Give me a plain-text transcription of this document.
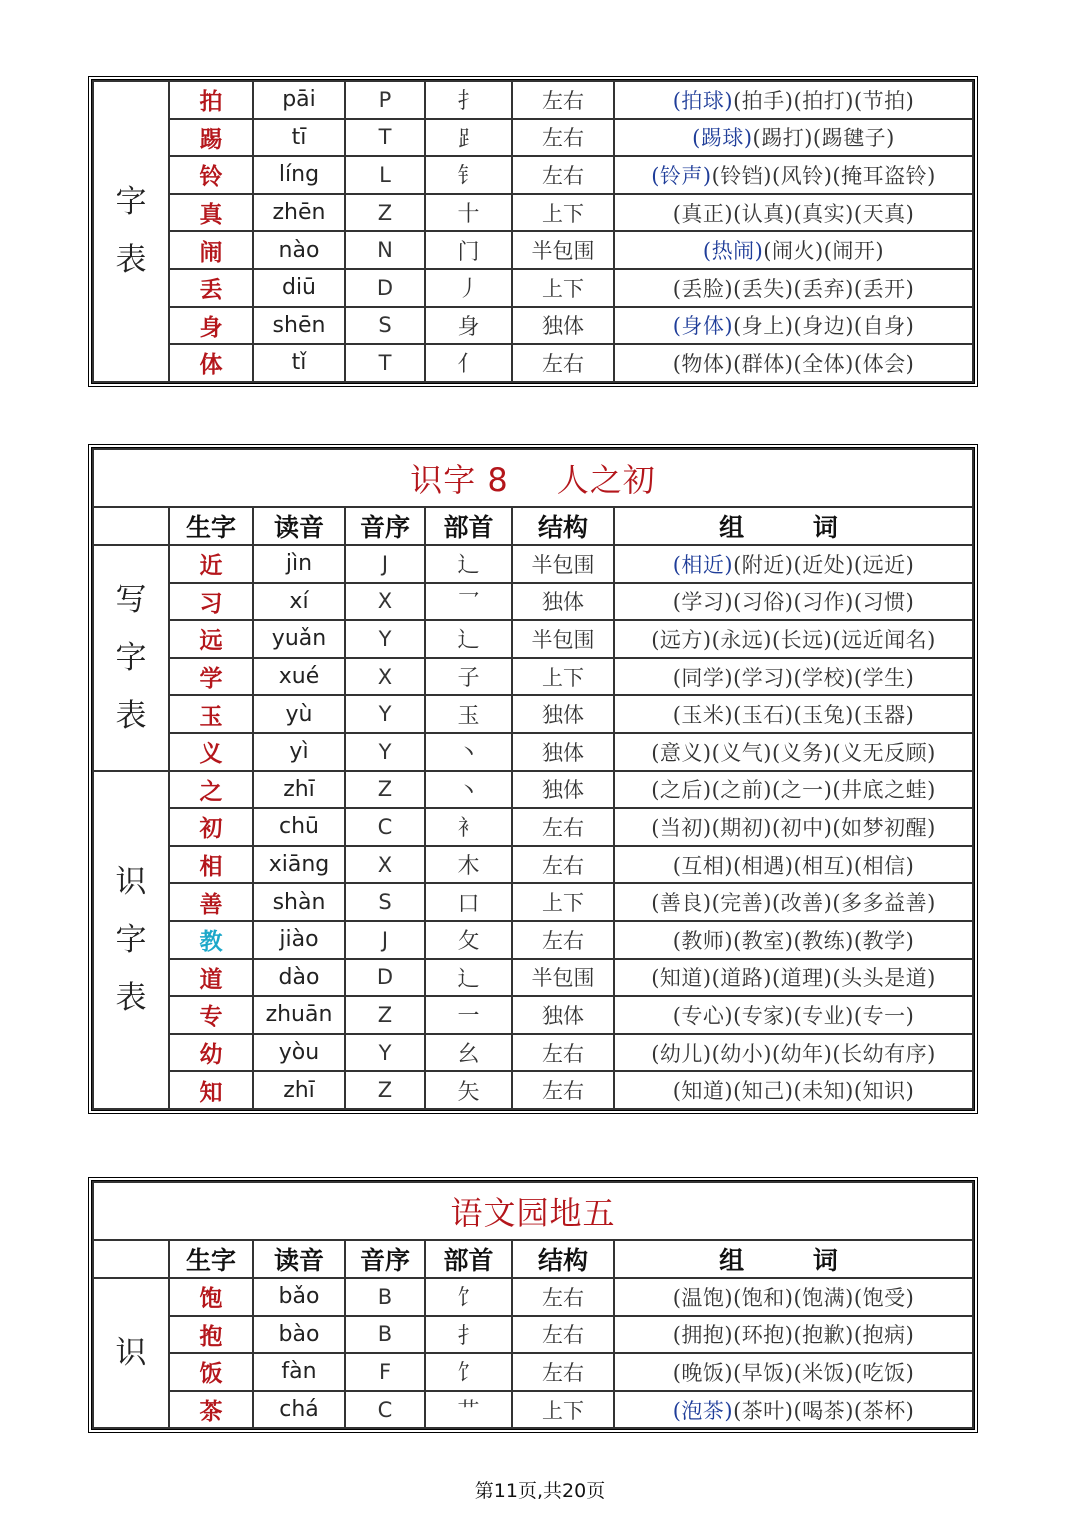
字
表	拍	pāi	P	扌	左右	(拍球)(拍手)(拍打)(节拍)
	踢	tī	T	⻊	左右	(踢球)(踢打)(踢毽子)
	铃	líng	L	钅	左右	(铃声)(铃铛)(风铃)(掩耳盗铃)
	真	zhēn	Z	十	上下	(真正)(认真)(真实)(天真)
	闹	nào	N	门	半包围	(热闹)(闹火)(闹开)
	丢	diū	D	丿	上下	(丢脸)(丢失)(丢弃)(丢开)
	身	shēn	S	身	独体	(身体)(身上)(身边)(自身)
	体	tǐ	T	亻	左右	(物体)(群体)(全体)(体会)
识字 8 人之初						
	生字	读音	音序	部首	结构	组 词

写
字
表	近	jìn	J	辶	半包围	(相近)(附近)(近处)(远近)
	习	xí	X	乛	独体	(学习)(习俗)(习作)(习惯)
	远	yuǎn	Y	辶	半包围	(远方)(永远)(长远)(远近闻名)
	学	xué	X	子	上下	(同学)(学习)(学校)(学生)
	玉	yù	Y	玉	独体	(玉米)(玉石)(玉兔)(玉器)
	义	yì	Y	丶	独体	(意义)(义气)(义务)(义无反顾)

识
字
表	之	zhī	Z	丶	独体	(之后)(之前)(之一)(井底之蛙)
	初	chū	C	衤	左右	(当初)(期初)(初中)(如梦初醒)
	相	xiāng	X	木	左右	(互相)(相遇)(相互)(相信)
	善	shàn	S	口	上下	(善良)(完善)(改善)(多多益善)
	教	jiào	J	攵	左右	(教师)(教室)(教练)(教学)
	道	dào	D	辶	半包围	(知道)(道路)(道理)(头头是道)
	专	zhuān	Z	一	独体	(专心)(专家)(专业)(专一)
	幼	yòu	Y	幺	左右	(幼儿)(幼小)(幼年)(长幼有序)
	知	zhī	Z	矢	左右	(知道)(知己)(未知)(知识)
语文园地五						
	生字	读音	音序	部首	结构	组 词

识	饱	bǎo	B	饣	左右	(温饱)(饱和)(饱满)(饱受)
	抱	bào	B	扌	左右	(拥抱)(环抱)(抱歉)(抱病)
	饭	fàn	F	饣	左右	(晚饭)(早饭)(米饭)(吃饭)
	茶	chá	C	艹	上下	(泡茶)(茶叶)(喝茶)(茶杯)
第11页,共20页
